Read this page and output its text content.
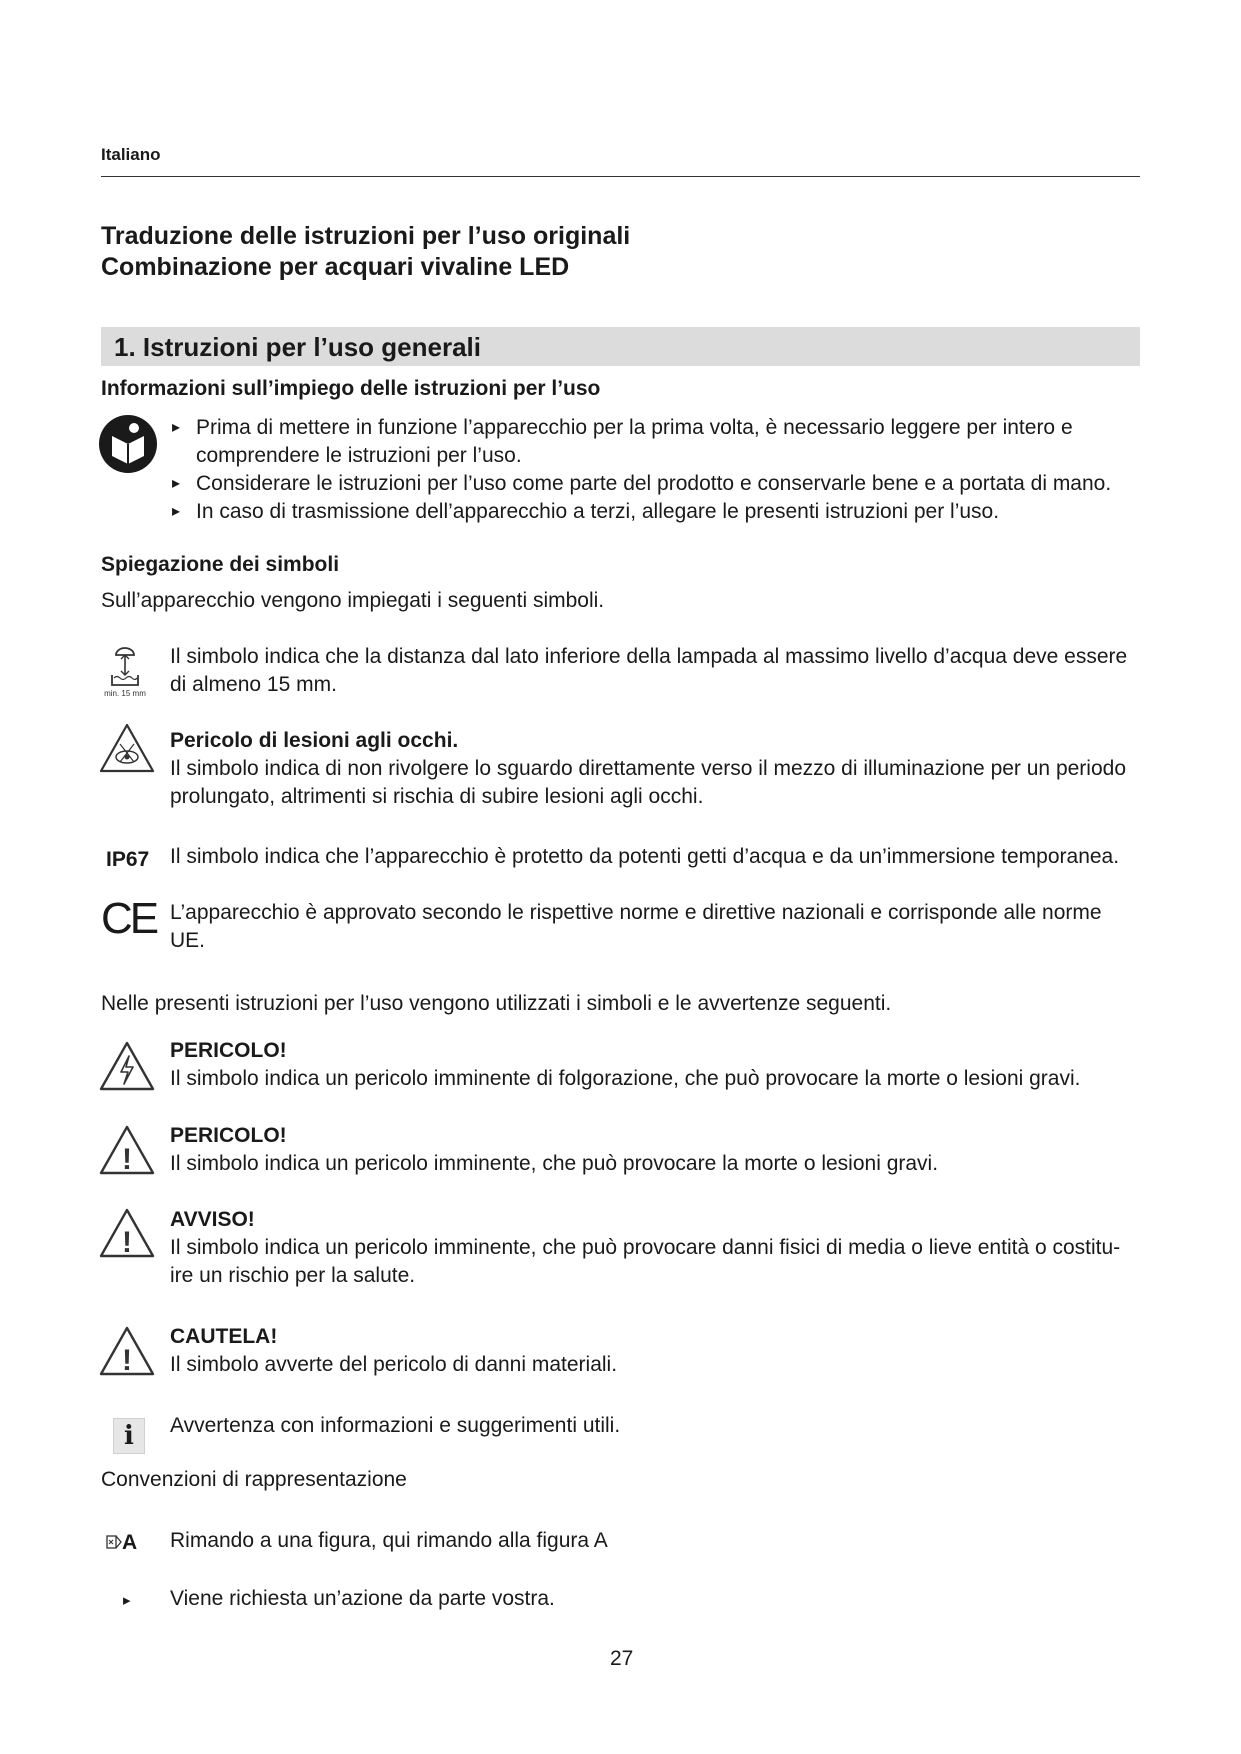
Italiano
Traduzione delle istruzioni per l’uso originali
Combinazione per acquari vivaline LED
1. Istruzioni per l’uso generali
Informazioni sull’impiego delle istruzioni per l’uso
▸ Prima di mettere in funzione l’apparecchio per la prima volta, è necessario leggere per intero e comprendere le istruzioni per l’uso.
▸ Considerare le istruzioni per l’uso come parte del prodotto e conservarle bene e a portata di mano.
▸ In caso di trasmissione dell’apparecchio a terzi, allegare le presenti istruzioni per l’uso.
Spiegazione dei simboli
Sull’apparecchio vengono impiegati i seguenti simboli.
min. 15 mm
Il simbolo indica che la distanza dal lato inferiore della lampada al massimo livello d’acqua deve essere di almeno 15 mm.
Pericolo di lesioni agli occhi.
Il simbolo indica di non rivolgere lo sguardo direttamente verso il mezzo di illuminazione per un periodo prolungato, altrimenti si rischia di subire lesioni agli occhi.
IP67 Il simbolo indica che l’apparecchio è protetto da potenti getti d’acqua e da un’immersione temporanea.
CE L’apparecchio è approvato secondo le rispettive norme e direttive nazionali e corrisponde alle norme UE.
Nelle presenti istruzioni per l’uso vengono utilizzati i simboli e le avvertenze seguenti.
PERICOLO!
Il simbolo indica un pericolo imminente di folgorazione, che può provocare la morte o lesioni gravi.
!
PERICOLO!
Il simbolo indica un pericolo imminente, che può provocare la morte o lesioni gravi.
!
AVVISO!
Il simbolo indica un pericolo imminente, che può provocare danni fisici di media o lieve entità o costitu-ire un rischio per la salute.
!
CAUTELA!
Il simbolo avverte del pericolo di danni materiali.
i	Avvertenza con informazioni e suggerimenti utili.
Convenzioni di rappresentazione
A Rimando a una figura, qui rimando alla figura A
▸ Viene richiesta un’azione da parte vostra.
27
